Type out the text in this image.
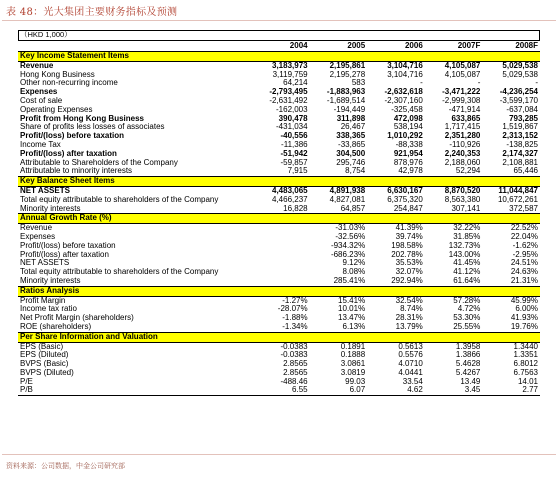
表 48：光大集团主要财务指标及预测
（HKD 1,000）
	2004	2005	2006	2007F	2008F
Key Income Statement Items					
Revenue	3,183,973	2,195,861	3,104,716	4,105,087	5,029,538
Hong Kong Business	3,119,759	2,195,278	3,104,716	4,105,087	5,029,538
Other non-recurring income	64,214	583	-	-	-
Expenses	-2,793,495	-1,883,963	-2,632,618	-3,471,222	-4,236,254
Cost of sale	-2,631,492	-1,689,514	-2,307,160	-2,999,308	-3,599,170
Operating Expenses	-162,003	-194,449	-325,458	-471,914	-637,084
Profit from Hong Kong Business	390,478	311,898	472,098	633,865	793,285
Share of profits less losses of associates	-431,034	26,467	538,194	1,717,415	1,519,867
Profit/(loss) before taxation	-40,556	338,365	1,010,292	2,351,280	2,313,152
Income Tax	-11,386	-33,865	-88,338	-110,926	-138,825
Profit/(loss) after taxation	-51,942	304,500	921,954	2,240,353	2,174,327
Attributable to Shareholders of the Company	-59,857	295,746	878,976	2,188,060	2,108,881
Attributable to minority interests	7,915	8,754	42,978	52,294	65,446
Key Balance Sheet Items					
NET ASSETS	4,483,065	4,891,938	6,630,167	8,870,520	11,044,847
Total equity attributable to shareholders of the Company	4,466,237	4,827,081	6,375,320	8,563,380	10,672,261
Minority interests	16,828	64,857	254,847	307,141	372,587
Annual Growth Rate (%)					
Revenue		-31.03%	41.39%	32.22%	22.52%
Expenses		-32.56%	39.74%	31.85%	22.04%
Profit/(loss) before taxation		-934.32%	198.58%	132.73%	-1.62%
Profit/(loss) after taxation		-686.23%	202.78%	143.00%	-2.95%
NET ASSETS		9.12%	35.53%	41.45%	24.51%
Total equity attributable to shareholders of the Company		8.08%	32.07%	41.12%	24.63%
Minority interests		285.41%	292.94%	61.64%	21.31%
Ratios Analysis					
Profit Margin	-1.27%	15.41%	32.54%	57.28%	45.99%
Income tax ratio	-28.07%	10.01%	8.74%	4.72%	6.00%
Net Profit Margin (shareholders)	-1.88%	13.47%	28.31%	53.30%	41.93%
ROE (shareholders)	-1.34%	6.13%	13.79%	25.55%	19.76%
Per Share Information and Valuation					
EPS (Basic)	-0.0383	0.1891	0.5613	1.3958	1.3440
EPS (Diluted)	-0.0383	0.1888	0.5576	1.3866	1.3351
BVPS (Basic)	2.8565	3.0861	4.0710	5.4628	6.8012
BVPS (Diluted)	2.8565	3.0819	4.0441	5.4267	6.7563
P/E	-488.46	99.03	33.54	13.49	14.01
P/B	6.55	6.07	4.62	3.45	2.77
资料来源：公司数据，中金公司研究部
